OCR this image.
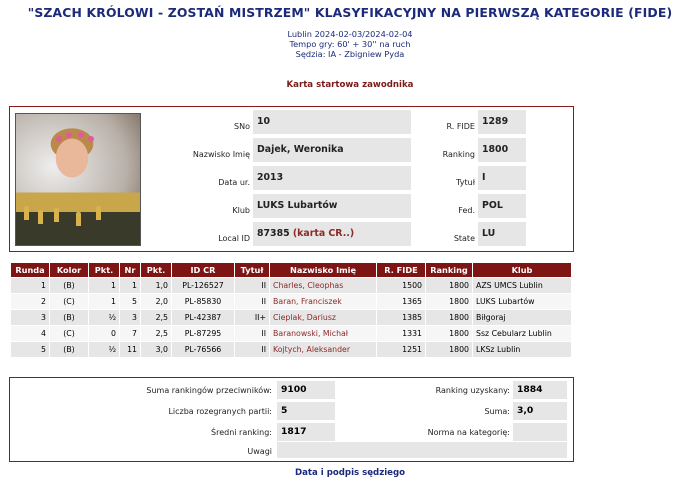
"SZACH KRÓLOWI - ZOSTAŃ MISTRZEM" KLASYFIKACYJNY NA PIERWSZĄ KATEGORIE (FIDE)
Lublin 2024-02-03/2024-02-04
Tempo gry: 60' + 30'' na ruch
Sędzia: IA - Zbigniew Pyda
Karta startowa zawodnika
SNo 10
Nazwisko Imię Dajek, Weronika
Data ur. 2013
Klub LUKS Lubartów
Local ID 87385 (karta CR..)
R. FIDE 1289
Ranking 1800
Tytuł I
Fed. POL
State LU
Runda	Kolor	Pkt.	Nr	Pkt.	ID CR	Tytuł	Nazwisko Imię	R. FIDE	Ranking	Klub
1	(B)	1	1	1,0	PL-126527	II	Charles, Cleophas	1500	1800	AZS UMCS Lublin
2	(C)	1	5	2,0	PL-85830	II	Baran, Franciszek	1365	1800	LUKS Lubartów
3	(B)	½	3	2,5	PL-42387	II+	Cieplak, Dariusz	1385	1800	Biłgoraj
4	(C)	0	7	2,5	PL-87295	II	Baranowski, Michał	1331	1800	Ssz Cebularz Lublin
5	(B)	½	11	3,0	PL-76566	II	Kojtych, Aleksander	1251	1800	LKSz Lublin
Suma rankingów przeciwników: 9100
Liczba rozegranych partii: 5
Średni ranking: 1817
Uwagi
Ranking uzyskany: 1884
Suma: 3,0
Norma na kategorię:
Data i podpis sędziego
